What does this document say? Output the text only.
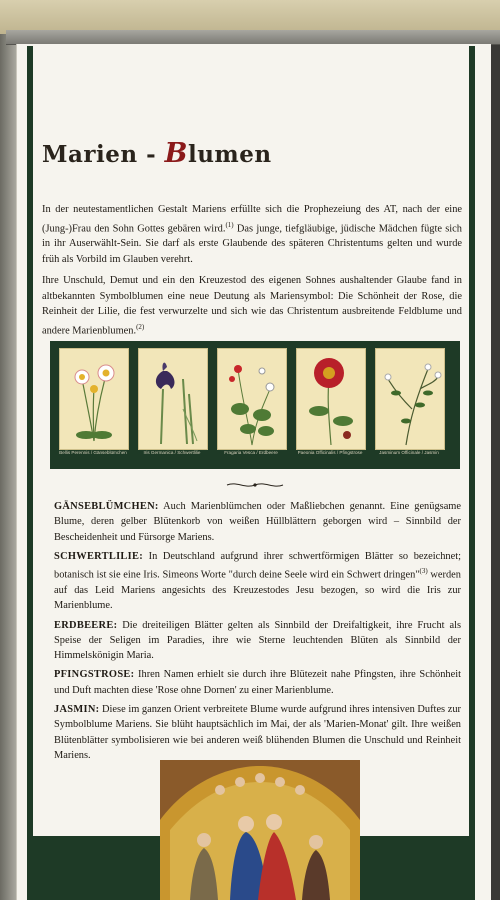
Marien - Blumen

In der neutestamentlichen Gestalt Mariens erfüllte sich die Prophezeiung des AT, nach der eine (Jung-)Frau den Sohn Gottes gebären wird.$^{(1)}$ Das junge, tiefgläubige, jüdische Mädchen fügte sich in ihr Auserwählt-Sein. Sie darf als erste Glaubende des späteren Christentums gelten und wurde früh als Vorbild im Glauben verehrt.

Ihre Unschuld, Demut und ein den Kreuzestod des eigenen Sohnes aushaltender Glaube fand in altbekannten Symbolblumen eine neue Deutung als Mariensymbol: Die Schönheit der Rose, die Reinheit der Lilie, die fest verwurzelte und sich wie das Christentum ausbreitende Feldblume und andere Marienblumen.$^{(2)}$

Bellis Perennis / Gänseblümchen	Iris Germanica / Schwertlilie	Fragaria Vesca / Erdbeere	Paeonia Officinalis / Pfingstrose	Jasminum Officinale / Jasmin

GÄNSEBLÜMCHEN: Auch Marienblümchen oder Maßliebchen genannt. Eine genügsame Blume, deren gelber Blütenkorb von weißen Hüllblättern geborgen wird – Sinnbild der Bescheidenheit und Fürsorge Mariens.

SCHWERTLILIE: In Deutschland aufgrund ihrer schwertförmigen Blätter so bezeichnet; botanisch ist sie eine Iris. Simeons Worte "durch deine Seele wird ein Schwert dringen"$^{(3)}$ werden auf das Leid Mariens angesichts des Kreuzestodes Jesu bezogen, so wird die Iris zur Marienblume.

ERDBEERE: Die dreiteiligen Blätter gelten als Sinnbild der Dreifaltigkeit, ihre Frucht als Speise der Seligen im Paradies, ihre wie Sterne leuchtenden Blüten als Sinnbild der Himmelskönigin Maria.

PFINGSTROSE: Ihren Namen erhielt sie durch ihre Blütezeit nahe Pfingsten, ihre Schönheit und Duft machten diese 'Rose ohne Dornen' zu einer Marienblume.

JASMIN: Diese im ganzen Orient verbreitete Blume wurde aufgrund ihres intensiven Duftes zur Symbolblume Mariens. Sie blüht hauptsächlich im Mai, der als 'Marien-Monat' gilt. Ihre weißen Blütenblätter symbolisieren wie bei anderen weiß blühenden Blumen die Unschuld und Reinheit Mariens.
